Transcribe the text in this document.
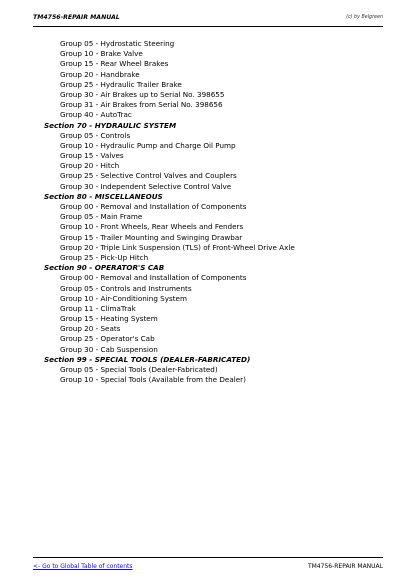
TM4756-REPAIR MANUAL	(c) by Belgreen
Group 05 - Hydrostatic Steering
Group 10 - Brake Valve
Group 15 - Rear Wheel Brakes
Group 20 - Handbrake
Group 25 - Hydraulic Trailer Brake
Group 30 - Air Brakes up to Serial No. 398655
Group 31 - Air Brakes from Serial No. 398656
Group 40 - AutoTrac
Section 70 - HYDRAULIC SYSTEM
Group 05 - Controls
Group 10 - Hydraulic Pump and Charge Oil Pump
Group 15 - Valves
Group 20 - Hitch
Group 25 - Selective Control Valves and Couplers
Group 30 - Independent Selective Control Valve
Section 80 - MISCELLANEOUS
Group 00 - Removal and Installation of Components
Group 05 - Main Frame
Group 10 - Front Wheels, Rear Wheels and Fenders
Group 15 - Trailer Mounting and Swinging Drawbar
Group 20 - Triple Link Suspension (TLS) of Front-Wheel Drive Axle
Group 25 - Pick-Up Hitch
Section 90 - OPERATOR'S CAB
Group 00 - Removal and Installation of Components
Group 05 - Controls and Instruments
Group 10 - Air-Conditioning System
Group 11 - ClimaTrak
Group 15 - Heating System
Group 20 - Seats
Group 25 - Operator's Cab
Group 30 - Cab Suspension
Section 99 - SPECIAL TOOLS (DEALER-FABRICATED)
Group 05 - Special Tools (Dealer-Fabricated)
Group 10 - Special Tools (Available from the Dealer)
<- Go to Global Table of contents	TM4756-REPAIR MANUAL
